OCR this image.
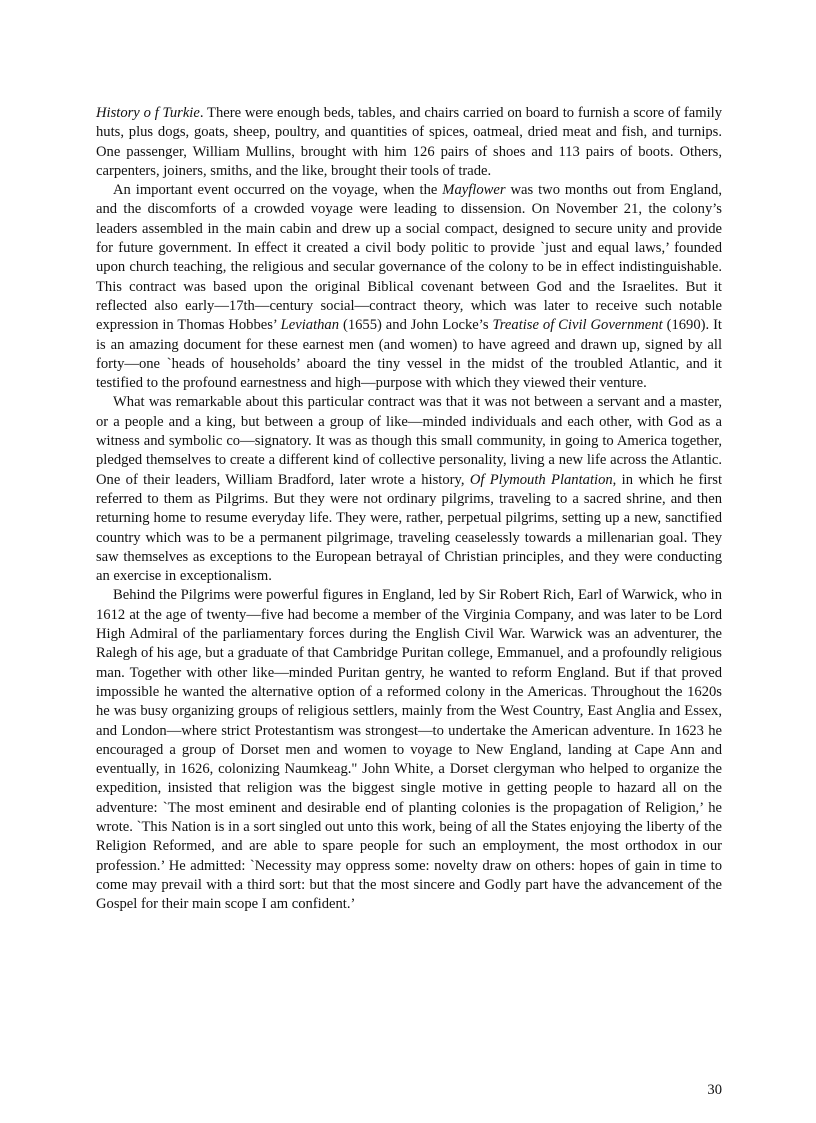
History o f Turkie. There were enough beds, tables, and chairs carried on board to furnish a score of family huts, plus dogs, goats, sheep, poultry, and quantities of spices, oatmeal, dried meat and fish, and turnips. One passenger, William Mullins, brought with him 126 pairs of shoes and 113 pairs of boots. Others, carpenters, joiners, smiths, and the like, brought their tools of trade.

An important event occurred on the voyage, when the Mayflower was two months out from England, and the discomforts of a crowded voyage were leading to dissension. On November 21, the colony’s leaders assembled in the main cabin and drew up a social compact, designed to secure unity and provide for future government. In effect it created a civil body politic to provide `just and equal laws,’ founded upon church teaching, the religious and secular governance of the colony to be in effect indistinguishable. This contract was based upon the original Biblical covenant between God and the Israelites. But it reflected also early—17th—century social—contract theory, which was later to receive such notable expression in Thomas Hobbes’ Leviathan (1655) and John Locke’s Treatise of Civil Government (1690). It is an amazing document for these earnest men (and women) to have agreed and drawn up, signed by all forty—one `heads of households’ aboard the tiny vessel in the midst of the troubled Atlantic, and it testified to the profound earnestness and high—purpose with which they viewed their venture.

What was remarkable about this particular contract was that it was not between a servant and a master, or a people and a king, but between a group of like—minded individuals and each other, with God as a witness and symbolic co—signatory. It was as though this small community, in going to America together, pledged themselves to create a different kind of collective personality, living a new life across the Atlantic. One of their leaders, William Bradford, later wrote a history, Of Plymouth Plantation, in which he first referred to them as Pilgrims. But they were not ordinary pilgrims, traveling to a sacred shrine, and then returning home to resume everyday life. They were, rather, perpetual pilgrims, setting up a new, sanctified country which was to be a permanent pilgrimage, traveling ceaselessly towards a millenarian goal. They saw themselves as exceptions to the European betrayal of Christian principles, and they were conducting an exercise in exceptionalism.

Behind the Pilgrims were powerful figures in England, led by Sir Robert Rich, Earl of Warwick, who in 1612 at the age of twenty—five had become a member of the Virginia Company, and was later to be Lord High Admiral of the parliamentary forces during the English Civil War. Warwick was an adventurer, the Ralegh of his age, but a graduate of that Cambridge Puritan college, Emmanuel, and a profoundly religious man. Together with other like—minded Puritan gentry, he wanted to reform England. But if that proved impossible he wanted the alternative option of a reformed colony in the Americas. Throughout the 1620s he was busy organizing groups of religious settlers, mainly from the West Country, East Anglia and Essex, and London—where strict Protestantism was strongest—to undertake the American adventure. In 1623 he encouraged a group of Dorset men and women to voyage to New England, landing at Cape Ann and eventually, in 1626, colonizing Naumkeag." John White, a Dorset clergyman who helped to organize the expedition, insisted that religion was the biggest single motive in getting people to hazard all on the adventure: `The most eminent and desirable end of planting colonies is the propagation of Religion,’ he wrote. `This Nation is in a sort singled out unto this work, being of all the States enjoying the liberty of the Religion Reformed, and are able to spare people for such an employment, the most orthodox in our profession.’ He admitted: `Necessity may oppress some: novelty draw on others: hopes of gain in time to come may prevail with a third sort: but that the most sincere and Godly part have the advancement of the Gospel for their main scope I am confident.’

30
